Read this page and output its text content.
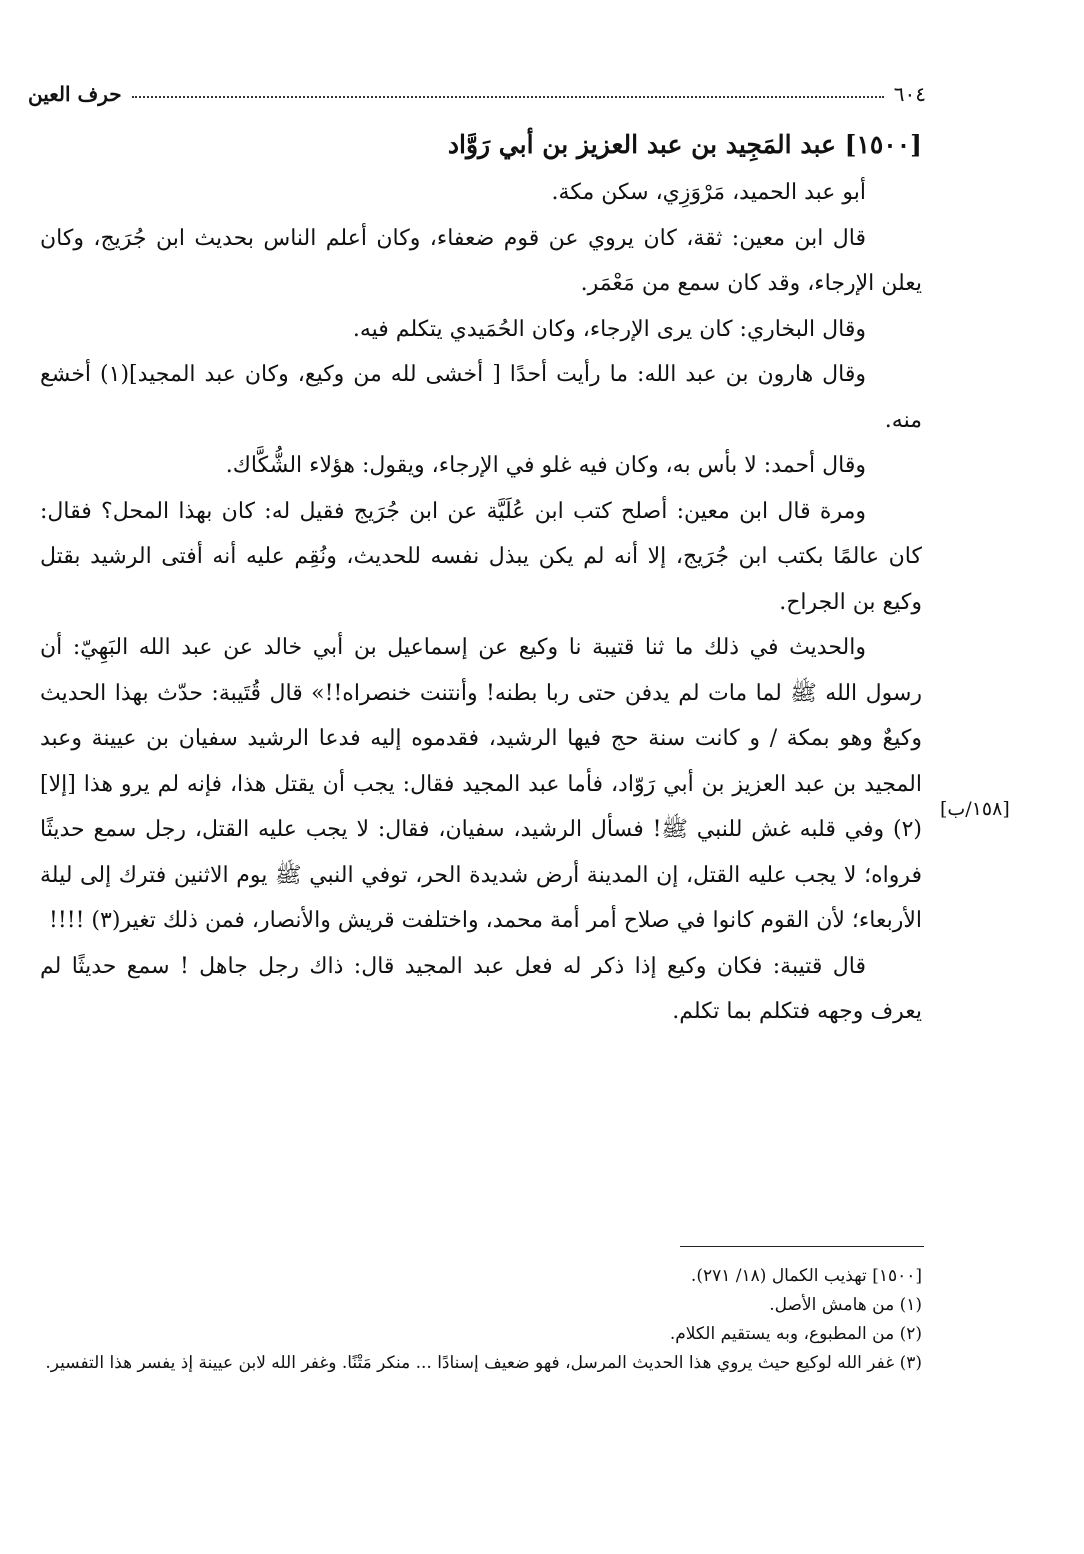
٦٠٤
حرف العين

[١٥٠٠] عبد المَجِيد بن عبد العزيز بن أبي رَوَّاد

أبو عبد الحميد، مَرْوَزِي، سكن مكة.

قال ابن معين: ثقة، كان يروي عن قوم ضعفاء، وكان أعلم الناس بحديث ابن جُرَيج، وكان يعلن الإرجاء، وقد كان سمع من مَعْمَر.

وقال البخاري: كان يرى الإرجاء، وكان الحُمَيدي يتكلم فيه.

وقال هارون بن عبد الله: ما رأيت أحدًا [ أخشى لله من وكيع، وكان عبد المجيد](١) أخشع منه.

وقال أحمد: لا بأس به، وكان فيه غلو في الإرجاء، ويقول: هؤلاء الشُّكَّاك.

ومرة قال ابن معين: أصلح كتب ابن عُلَيَّة عن ابن جُرَيج فقيل له: كان بهذا المحل؟ فقال: كان عالمًا بكتب ابن جُرَيج، إلا أنه لم يكن يبذل نفسه للحديث، ونُقِم عليه أنه أفتى الرشيد بقتل وكيع بن الجراح.

والحديث في ذلك ما ثنا قتيبة نا وكيع عن إسماعيل بن أبي خالد عن عبد الله البَهِيّ: أن رسول الله ﷺ لما مات لم يدفن حتى ربا بطنه! وأنتنت خنصراه!!» قال قُتَيبة: حدّث بهذا الحديث وكيعٌ وهو بمكة / و كانت سنة حج فيها الرشيد، فقدموه إليه فدعا الرشيد سفيان بن عيينة وعبد المجيد بن عبد العزيز بن أبي رَوّاد، فأما عبد المجيد فقال: يجب أن يقتل هذا، فإنه لم يرو هذا [إلا](٢) وفي قلبه غش للنبي ﷺ! فسأل الرشيد، سفيان، فقال: لا يجب عليه القتل، رجل سمع حديثًا فرواه؛ لا يجب عليه القتل، إن المدينة أرض شديدة الحر، توفي النبي ﷺ يوم الاثنين فترك إلى ليلة الأربعاء؛ لأن القوم كانوا في صلاح أمر أمة محمد، واختلفت قريش والأنصار، فمن ذلك تغير(٣) !!!!

قال قتيبة: فكان وكيع إذا ذكر له فعل عبد المجيد قال: ذاك رجل جاهل ! سمع حديثًا لم يعرف وجهه فتكلم بما تكلم.

[١٥٨/ب]

[١٥٠٠] تهذيب الكمال (١٨/ ٢٧١).

(١) من هامش الأصل.

(٢) من المطبوع، وبه يستقيم الكلام.

(٣) غفر الله لوكيع حيث يروي هذا الحديث المرسل، فهو ضعيف إسنادًا ... منكر مَتْنًا. وغفر الله لابن عيينة إذ يفسر هذا التفسير.
